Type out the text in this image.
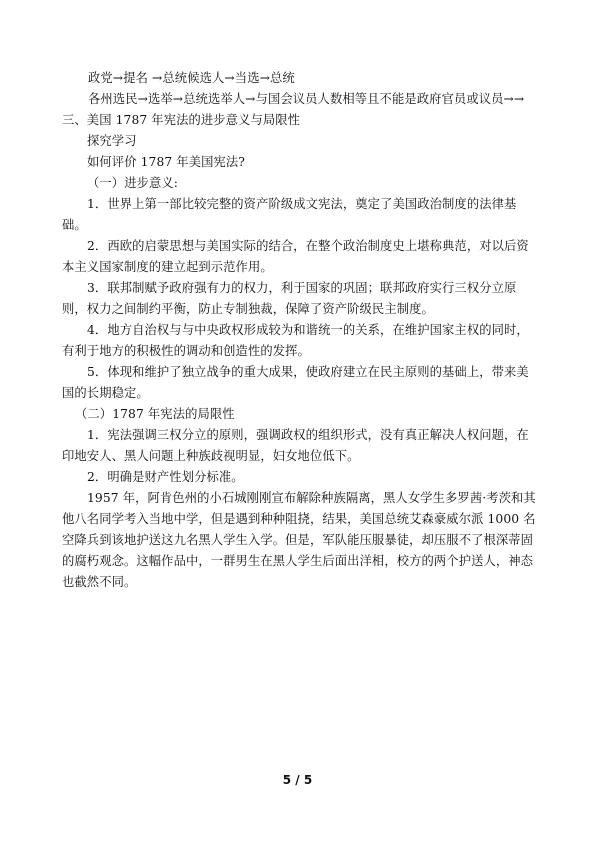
政党→提名 →总统候选人→当选→总统

各州选民→选举→总统选举人→与国会议员人数相等且不能是政府官员或议员→→

三、美国 1787 年宪法的进步意义与局限性

探究学习

如何评价 1787 年美国宪法?

（一）进步意义:

1．世界上第一部比较完整的资产阶级成文宪法，奠定了美国政治制度的法律基础。

2．西欧的启蒙思想与美国实际的结合，在整个政治制度史上堪称典范，对以后资本主义国家制度的建立起到示范作用。

3．联邦制赋予政府强有力的权力，利于国家的巩固；联邦政府实行三权分立原则，权力之间制约平衡，防止专制独裁，保障了资产阶级民主制度。

4．地方自治权与与中央政权形成较为和谐统一的关系，在维护国家主权的同时，有利于地方的积极性的调动和创造性的发挥。

5．体现和维护了独立战争的重大成果，使政府建立在民主原则的基础上，带来美国的长期稳定。

（二）1787 年宪法的局限性

1．宪法强调三权分立的原则，强调政权的组织形式，没有真正解决人权问题，在印地安人、黑人问题上种族歧视明显，妇女地位低下。

2．明确是财产性划分标准。

1957 年，阿肯色州的小石城刚刚宣布解除种族隔离，黑人女学生多罗茜·考茨和其他八名同学考入当地中学，但是遇到种种阻挠，结果，美国总统艾森豪威尔派 1000 名空降兵到该地护送这九名黑人学生入学。但是，军队能压服暴徒，却压服不了根深蒂固的腐朽观念。这幅作品中，一群男生在黑人学生后面出洋相，校方的两个护送人，神态也截然不同。

5 / 5
